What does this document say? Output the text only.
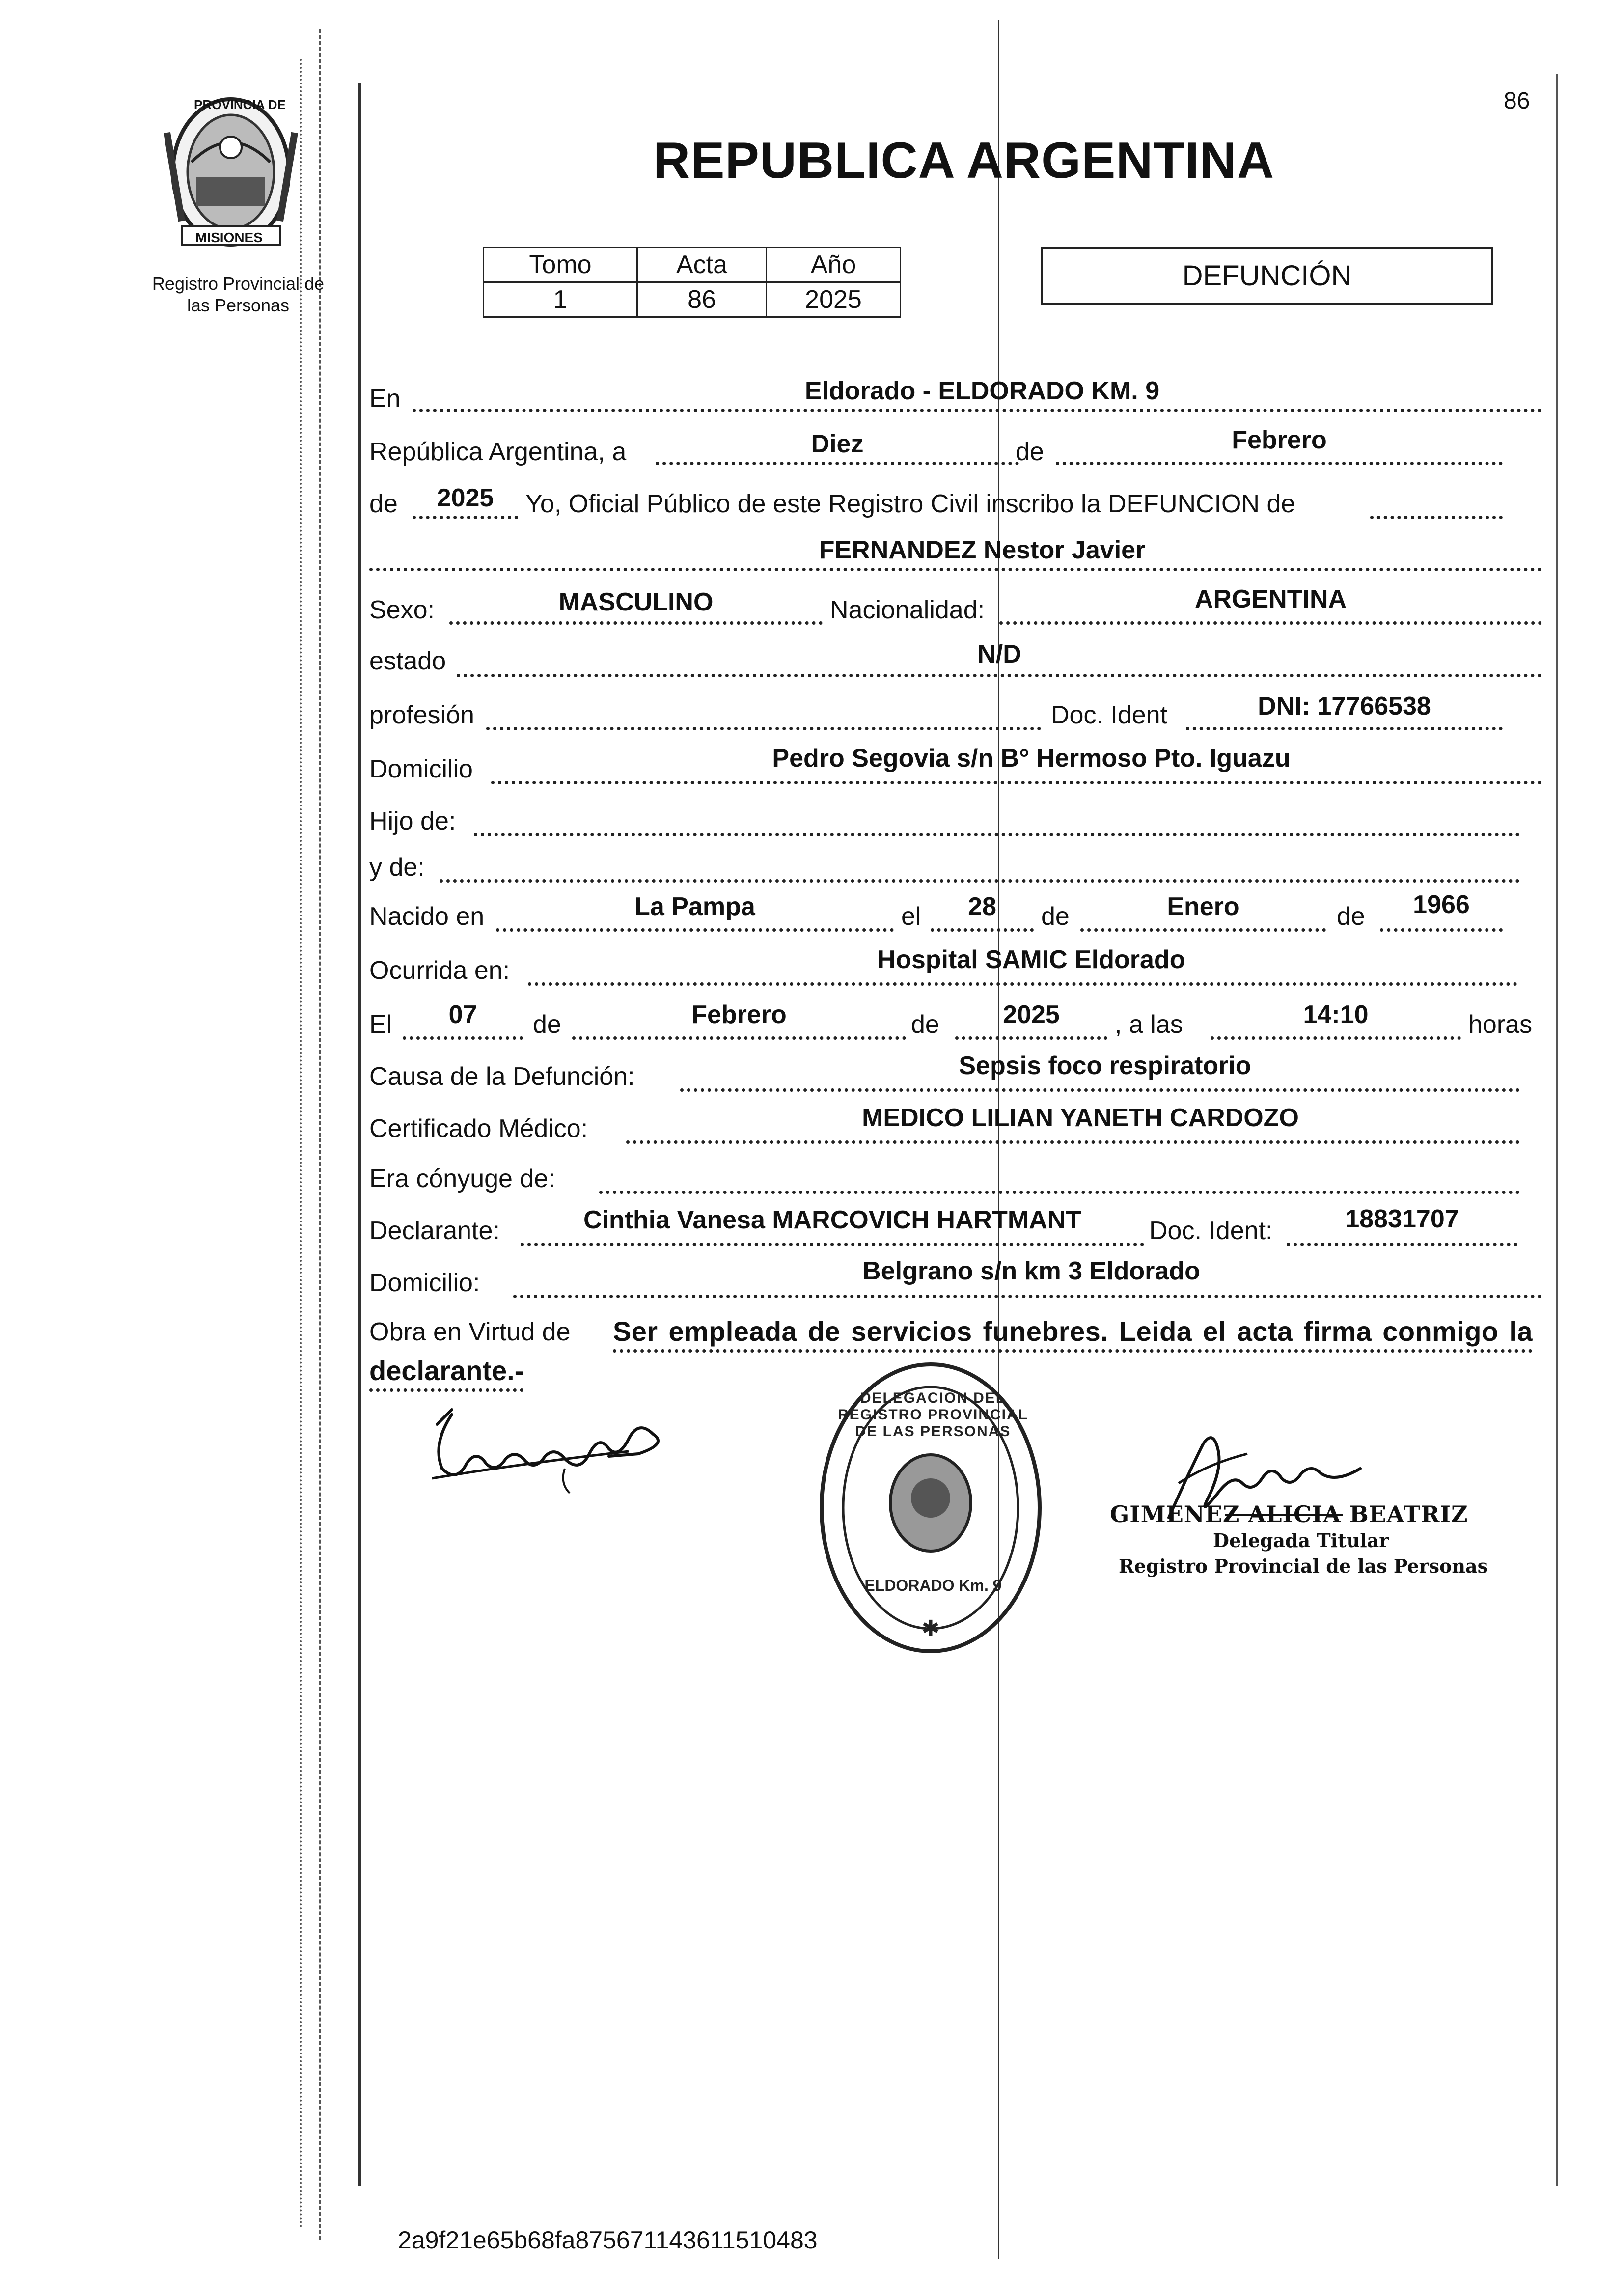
PROVINCIA DE
MISIONES
Registro Provincial de
las Personas
86
REPUBLICA ARGENTINA
Tomo	Acta	Año
1	86	2025
DEFUNCIÓN
En	Eldorado - ELDORADO KM. 9
República Argentina, a	Diez	de	Febrero
de	2025	Yo, Oficial Público de este Registro Civil inscribo la DEFUNCION de
FERNANDEZ Nestor Javier
Sexo:	MASCULINO	Nacionalidad:	ARGENTINA
estado	N/D
profesión	Doc. Ident	DNI: 17766538
Domicilio	Pedro Segovia s/n B° Hermoso Pto. Iguazu
Hijo de:
y de:
Nacido en	La Pampa	el	28	de	Enero	de	1966
Ocurrida en:	Hospital SAMIC Eldorado
El	07	de	Febrero	de	2025	, a las	14:10	horas
Causa de la Defunción:	Sepsis foco respiratorio
Certificado Médico:	MEDICO LILIAN YANETH CARDOZO
Era cónyuge de:
Declarante:	Cinthia Vanesa MARCOVICH HARTMANT	Doc. Ident:	18831707
Domicilio:	Belgrano s/n km 3 Eldorado
Obra en Virtud de Ser empleada de servicios funebres. Leida el acta firma conmigo la
declarante.-
✱
DELEGACION DEL REGISTRO PROVINCIAL DE LAS PERSONAS
ELDORADO Km. 9
GIMENEZ ALICIA BEATRIZ
Delegada Titular
Registro Provincial de las Personas
2a9f21e65b68fa875671143611510483
